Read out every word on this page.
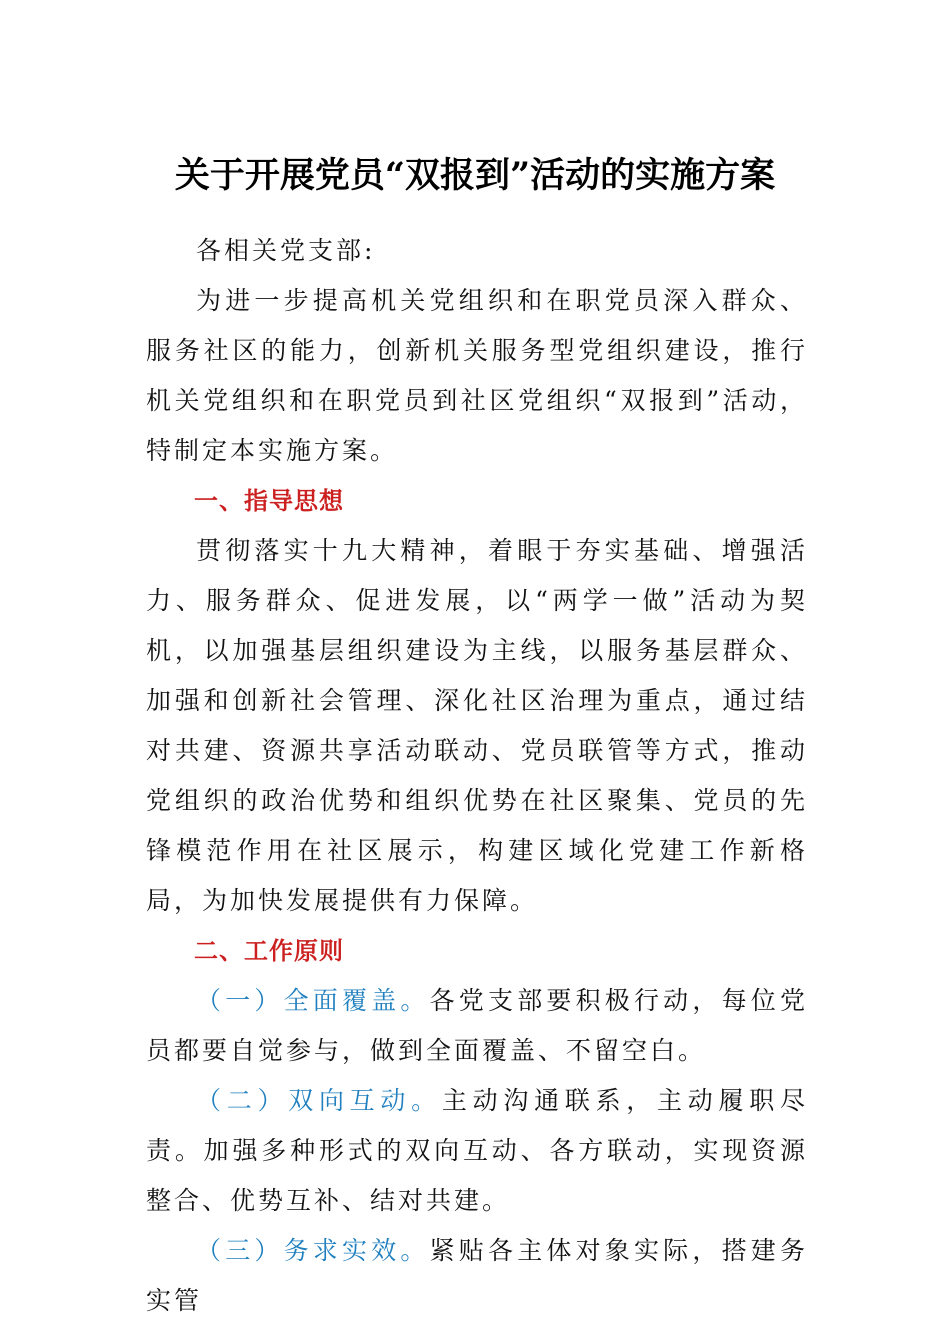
关于开展党员“双报到”活动的实施方案

各相关党支部:

为进一步提高机关党组织和在职党员深入群众、服务社区的能力，创新机关服务型党组织建设，推行机关党组织和在职党员到社区党组织“双报到”活动，特制定本实施方案。

一、指导思想

贯彻落实十九大精神，着眼于夯实基础、增强活力、服务群众、促进发展，以“两学一做”活动为契机，以加强基层组织建设为主线，以服务基层群众、加强和创新社会管理、深化社区治理为重点，通过结对共建、资源共享活动联动、党员联管等方式，推动党组织的政治优势和组织优势在社区聚集、党员的先锋模范作用在社区展示，构建区域化党建工作新格局，为加快发展提供有力保障。

二、工作原则

（一）全面覆盖。各党支部要积极行动，每位党员都要自觉参与，做到全面覆盖、不留空白。

（二）双向互动。主动沟通联系，主动履职尽责。加强多种形式的双向互动、各方联动，实现资源整合、优势互补、结对共建。

（三）务求实效。紧贴各主体对象实际，搭建务实管
